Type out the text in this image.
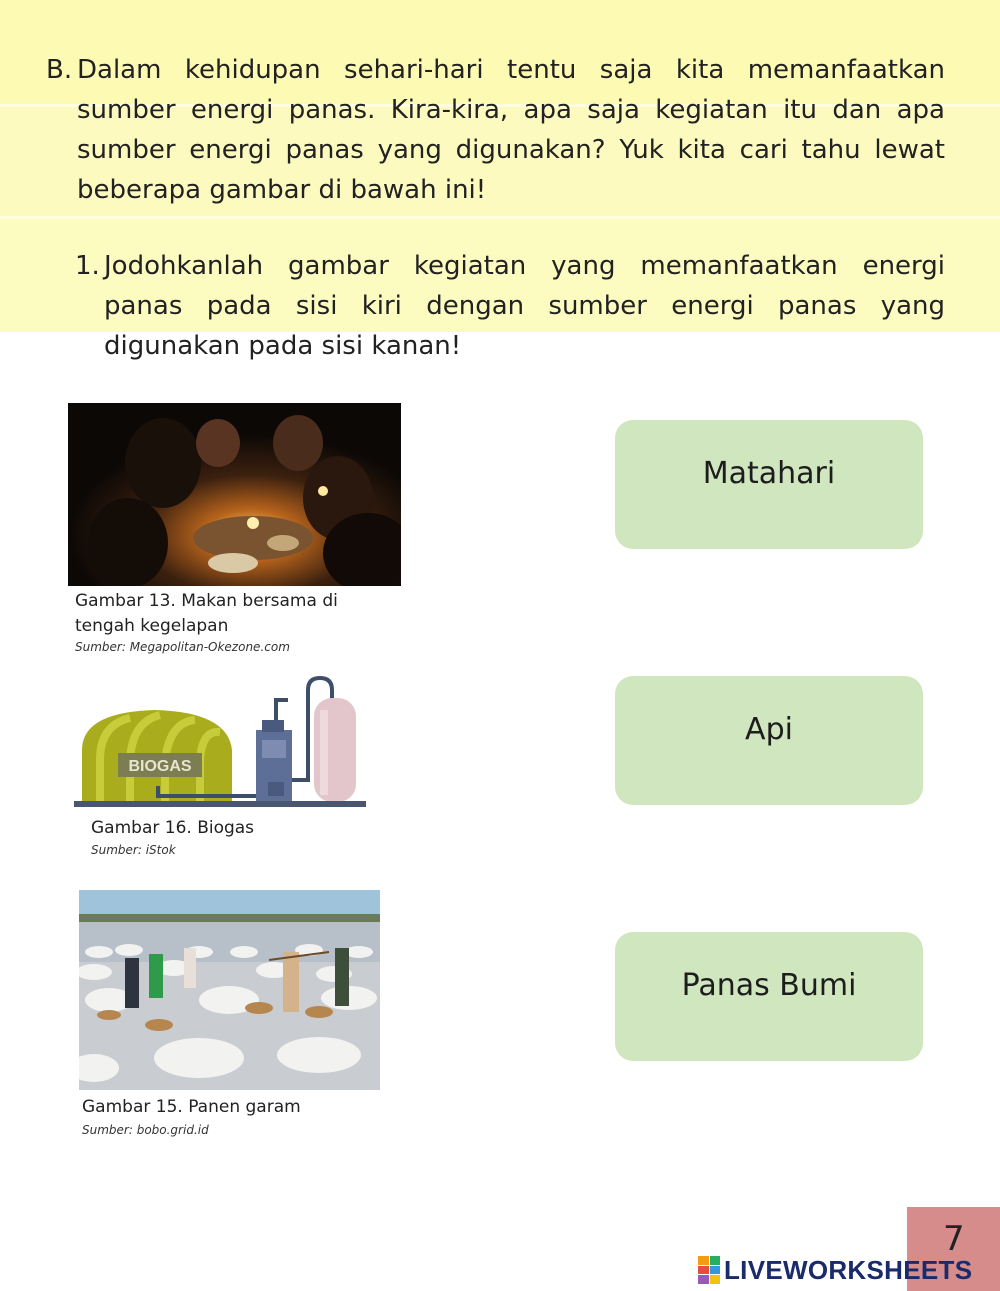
B. Dalam kehidupan sehari-hari tentu saja kita memanfaatkan sumber energi panas. Kira-kira, apa saja kegiatan itu dan apa sumber energi panas yang digunakan? Yuk kita cari tahu lewat beberapa gambar di bawah ini!
1. Jodohkanlah gambar kegiatan yang memanfaatkan energi panas pada sisi kiri dengan sumber energi panas yang digunakan pada sisi kanan!
Gambar 13. Makan bersama di
tengah kegelapan
Sumber: Megapolitan-Okezone.com
BIOGAS
Gambar 16. Biogas
Sumber: iStok
Gambar 15. Panen garam
Sumber: bobo.grid.id
Matahari
Api
Panas Bumi
7
LIVEWORKSHEETS
